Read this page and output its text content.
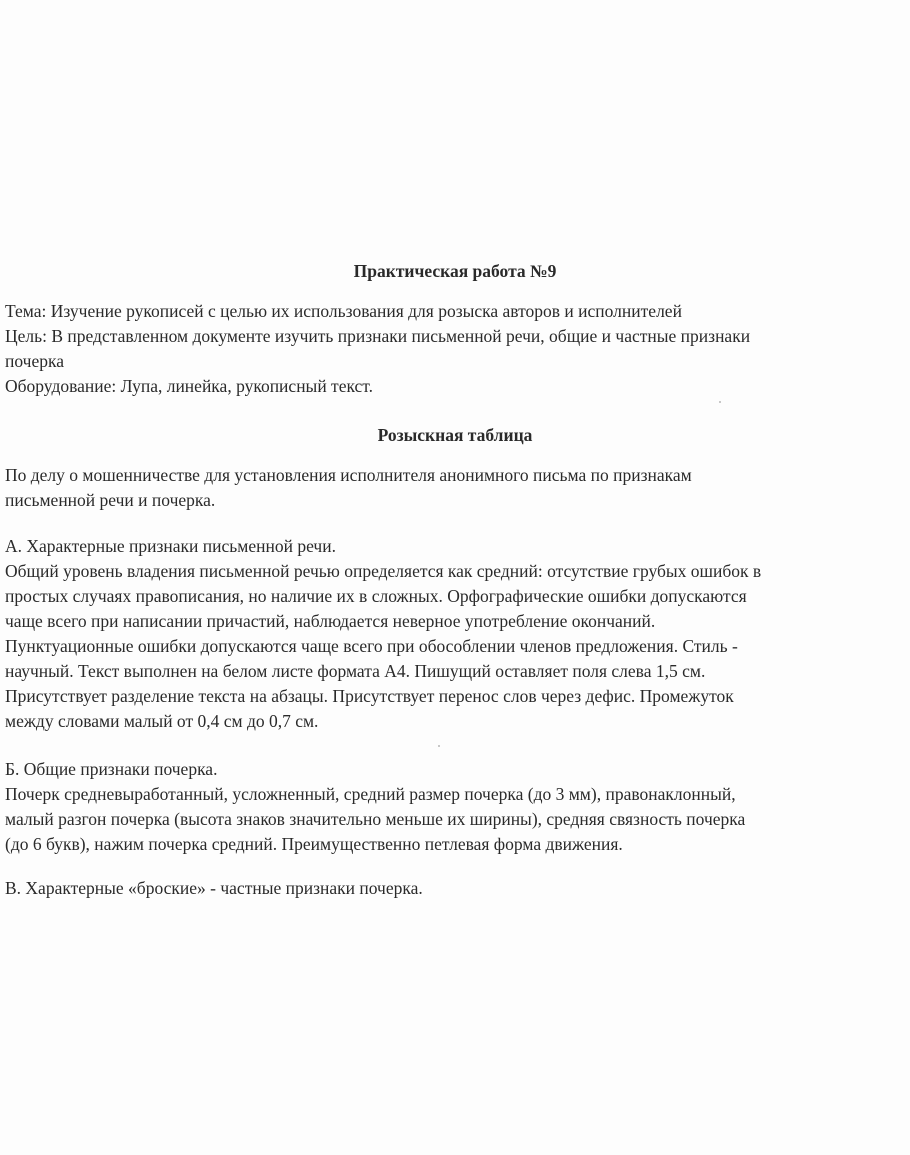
Практическая работа №9
Тема: Изучение рукописей с целью их использования для розыска авторов и исполнителей
Цель: В представленном документе изучить признаки письменной речи, общие и частные признаки
почерка
Оборудование: Лупа, линейка, рукописный текст.
Розыскная таблица
По делу о мошенничестве для установления исполнителя анонимного письма по признакам
письменной речи и почерка.
А. Характерные признаки письменной речи.
Общий уровень владения письменной речью определяется как средний: отсутствие грубых ошибок в
простых случаях правописания, но наличие их в сложных. Орфографические ошибки допускаются
чаще всего при написании причастий, наблюдается неверное употребление окончаний.
Пунктуационные ошибки допускаются чаще всего при обособлении членов предложения. Стиль -
научный. Текст выполнен на белом листе формата А4. Пишущий оставляет поля слева 1,5 см.
Присутствует разделение текста на абзацы. Присутствует перенос слов через дефис. Промежуток
между словами малый от 0,4 см до 0,7 см.
Б. Общие признаки почерка.
Почерк средневыработанный, усложненный, средний размер почерка (до 3 мм), правонаклонный,
малый разгон почерка (высота знаков значительно меньше их ширины), средняя связность почерка
(до 6 букв), нажим почерка средний. Преимущественно петлевая форма движения.
В. Характерные «броские» - частные признаки почерка.
